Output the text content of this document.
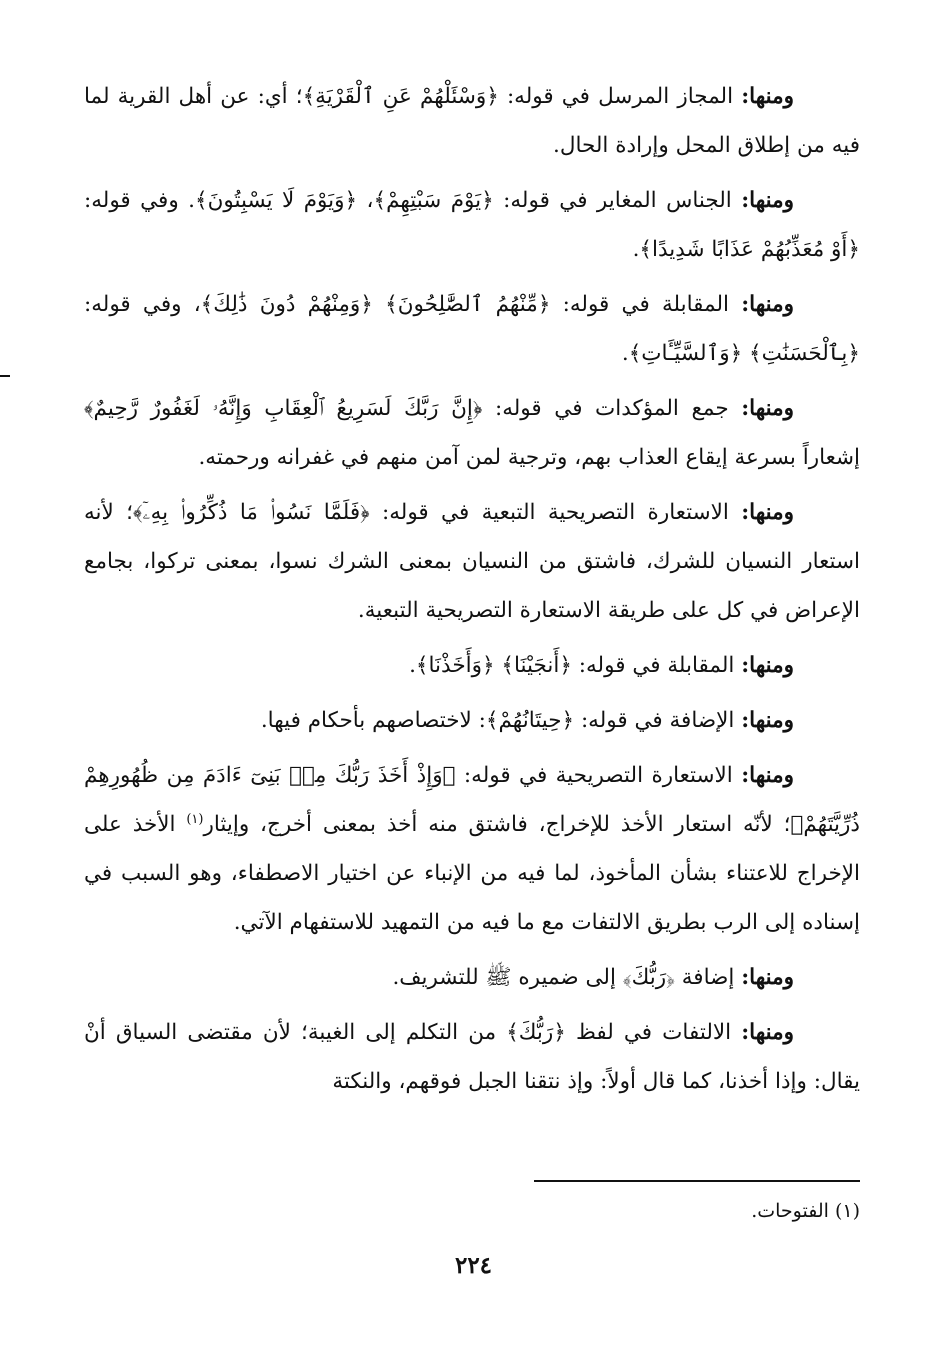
ومنها: المجاز المرسل في قوله: ﴿وَسْئَلْهُمْ عَنِ ٱلْقَرْيَةِ﴾؛ أي: عن أهل القرية لما فيه من إطلاق المحل وإرادة الحال.

ومنها: الجناس المغاير في قوله: ﴿يَوْمَ سَبْتِهِمْ﴾، ﴿وَيَوْمَ لَا يَسْبِتُونَ﴾. وفي قوله: ﴿أَوْ مُعَذِّبُهُمْ عَذَابًا شَدِيدًا﴾.

ومنها: المقابلة في قوله: ﴿مِّنْهُمُ ٱلصَّٰلِحُونَ﴾ ﴿وَمِنْهُمْ دُونَ ذَٰلِكَ﴾، وفي قوله: ﴿بِٱلْحَسَنَٰتِ﴾ ﴿وَٱلسَّيِّـَٔاتِ﴾.

ومنها: جمع المؤكدات في قوله: ﴿إِنَّ رَبَّكَ لَسَرِيعُ ٱلْعِقَابِ وَإِنَّهُۥ لَغَفُورٌ رَّحِيمٌ﴾ إشعاراً بسرعة إيقاع العذاب بهم، وترجية لمن آمن منهم في غفرانه ورحمته.

ومنها: الاستعارة التصريحية التبعية في قوله: ﴿فَلَمَّا نَسُوا۟ مَا ذُكِّرُوا۟ بِهِۦٓ﴾؛ لأنه استعار النسيان للشرك، فاشتق من النسيان بمعنى الشرك نسوا، بمعنى تركوا، بجامع الإعراض في كل على طريقة الاستعارة التصريحية التبعية.

ومنها: المقابلة في قوله: ﴿أَنجَيْنَا﴾ ﴿وَأَخَذْنَا﴾.

ومنها: الإضافة في قوله: ﴿حِيتَانُهُمْ﴾: لاختصاصهم بأحكام فيها.

ومنها: الاستعارة التصريحية في قوله: ﴿وَإِذْ أَخَذَ رَبُّكَ مِنۢ بَنِىٓ ءَادَمَ مِن ظُهُورِهِمْ ذُرِّيَّتَهُمْ﴾؛ لأنّه استعار الأخذ للإخراج، فاشتق منه أخذ بمعنى أخرج، وإيثار$^{(١)}$ الأخذ على الإخراج للاعتناء بشأن المأخوذ، لما فيه من الإنباء عن اختيار الاصطفاء، وهو السبب في إسناده إلى الرب بطريق الالتفات مع ما فيه من التمهيد للاستفهام الآتي.

ومنها: إضافة ﴿رَبُّكَ﴾ إلى ضميره ﷺ للتشريف.

ومنها: الالتفات في لفظ ﴿رَبُّكَ﴾ من التكلم إلى الغيبة؛ لأن مقتضى السياق أنْ يقال: وإذا أخذنا، كما قال أولاً: وإذ نتقنا الجبل فوقهم، والنكتة

(١) الفتوحات.
٢٢٤
